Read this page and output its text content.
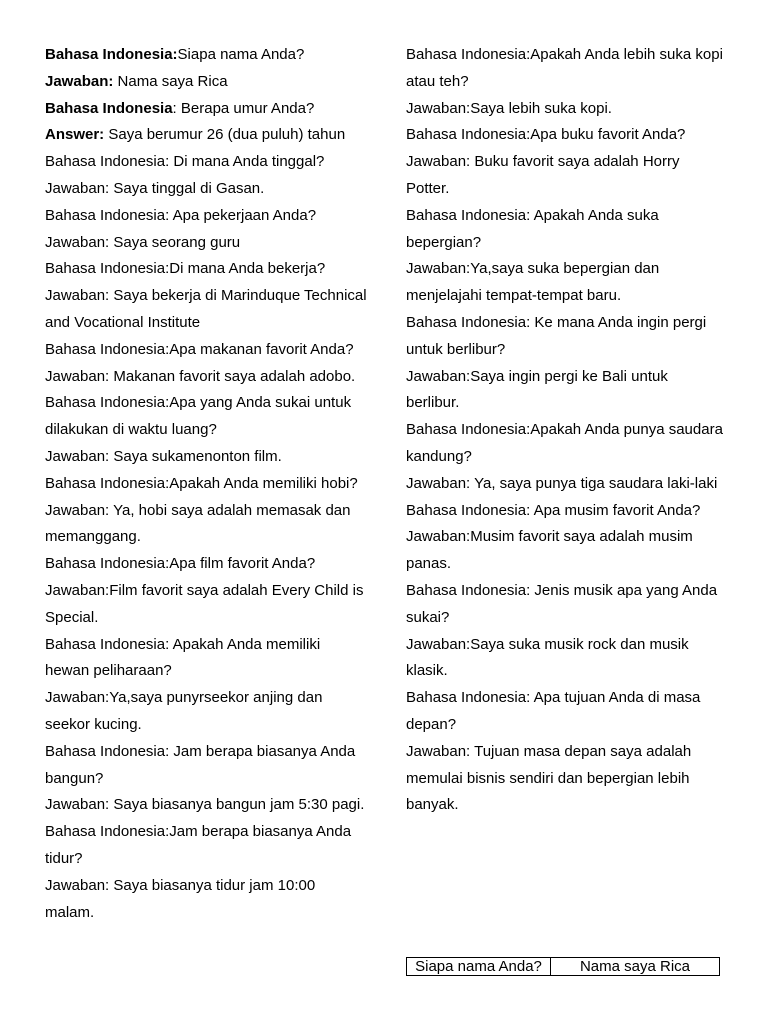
Bahasa Indonesia:Siapa nama Anda?

Jawaban: Nama saya Rica

Bahasa Indonesia: Berapa umur Anda?

Answer: Saya berumur 26 (dua puluh) tahun

Bahasa Indonesia: Di mana Anda tinggal?

Jawaban: Saya tinggal di Gasan.

Bahasa Indonesia: Apa pekerjaan Anda?

Jawaban: Saya seorang guru

Bahasa Indonesia:Di mana Anda bekerja?

Jawaban: Saya bekerja di Marinduque Technical and Vocational Institute

Bahasa Indonesia:Apa makanan favorit Anda?

Jawaban: Makanan favorit saya adalah adobo.

Bahasa Indonesia:Apa yang Anda sukai untuk dilakukan di waktu luang?

Jawaban: Saya sukamenonton film.

Bahasa Indonesia:Apakah Anda memiliki hobi?

Jawaban: Ya, hobi saya adalah memasak dan memanggang.

Bahasa Indonesia:Apa film favorit Anda?

Jawaban:Film favorit saya adalah Every Child is Special.

Bahasa Indonesia: Apakah Anda memiliki hewan peliharaan?

Jawaban:Ya,saya punyrseekor anjing dan seekor kucing.

Bahasa Indonesia: Jam berapa biasanya Anda bangun?

Jawaban: Saya biasanya bangun jam 5:30 pagi.

Bahasa Indonesia:Jam berapa biasanya Anda tidur?

Jawaban: Saya biasanya tidur jam 10:00 malam.

Bahasa Indonesia:Apakah Anda lebih suka kopi atau teh?

Jawaban:Saya lebih suka kopi.

Bahasa Indonesia:Apa buku favorit Anda?

Jawaban: Buku favorit saya adalah Horry Potter.

Bahasa Indonesia: Apakah Anda suka bepergian?

Jawaban:Ya,saya suka bepergian dan menjelajahi tempat-tempat baru.

Bahasa Indonesia: Ke mana Anda ingin pergi untuk berlibur?

Jawaban:Saya ingin pergi ke Bali untuk berlibur.

Bahasa Indonesia:Apakah Anda punya saudara kandung?

Jawaban: Ya, saya punya tiga saudara laki-laki

Bahasa Indonesia: Apa musim favorit Anda?

Jawaban:Musim favorit saya adalah musim panas.

Bahasa Indonesia: Jenis musik apa yang Anda sukai?

Jawaban:Saya suka musik rock dan musik klasik.

Bahasa Indonesia: Apa tujuan Anda di masa depan?

Jawaban: Tujuan masa depan saya adalah memulai bisnis sendiri dan bepergian lebih banyak.

Siapa nama Anda?	Nama saya Rica
